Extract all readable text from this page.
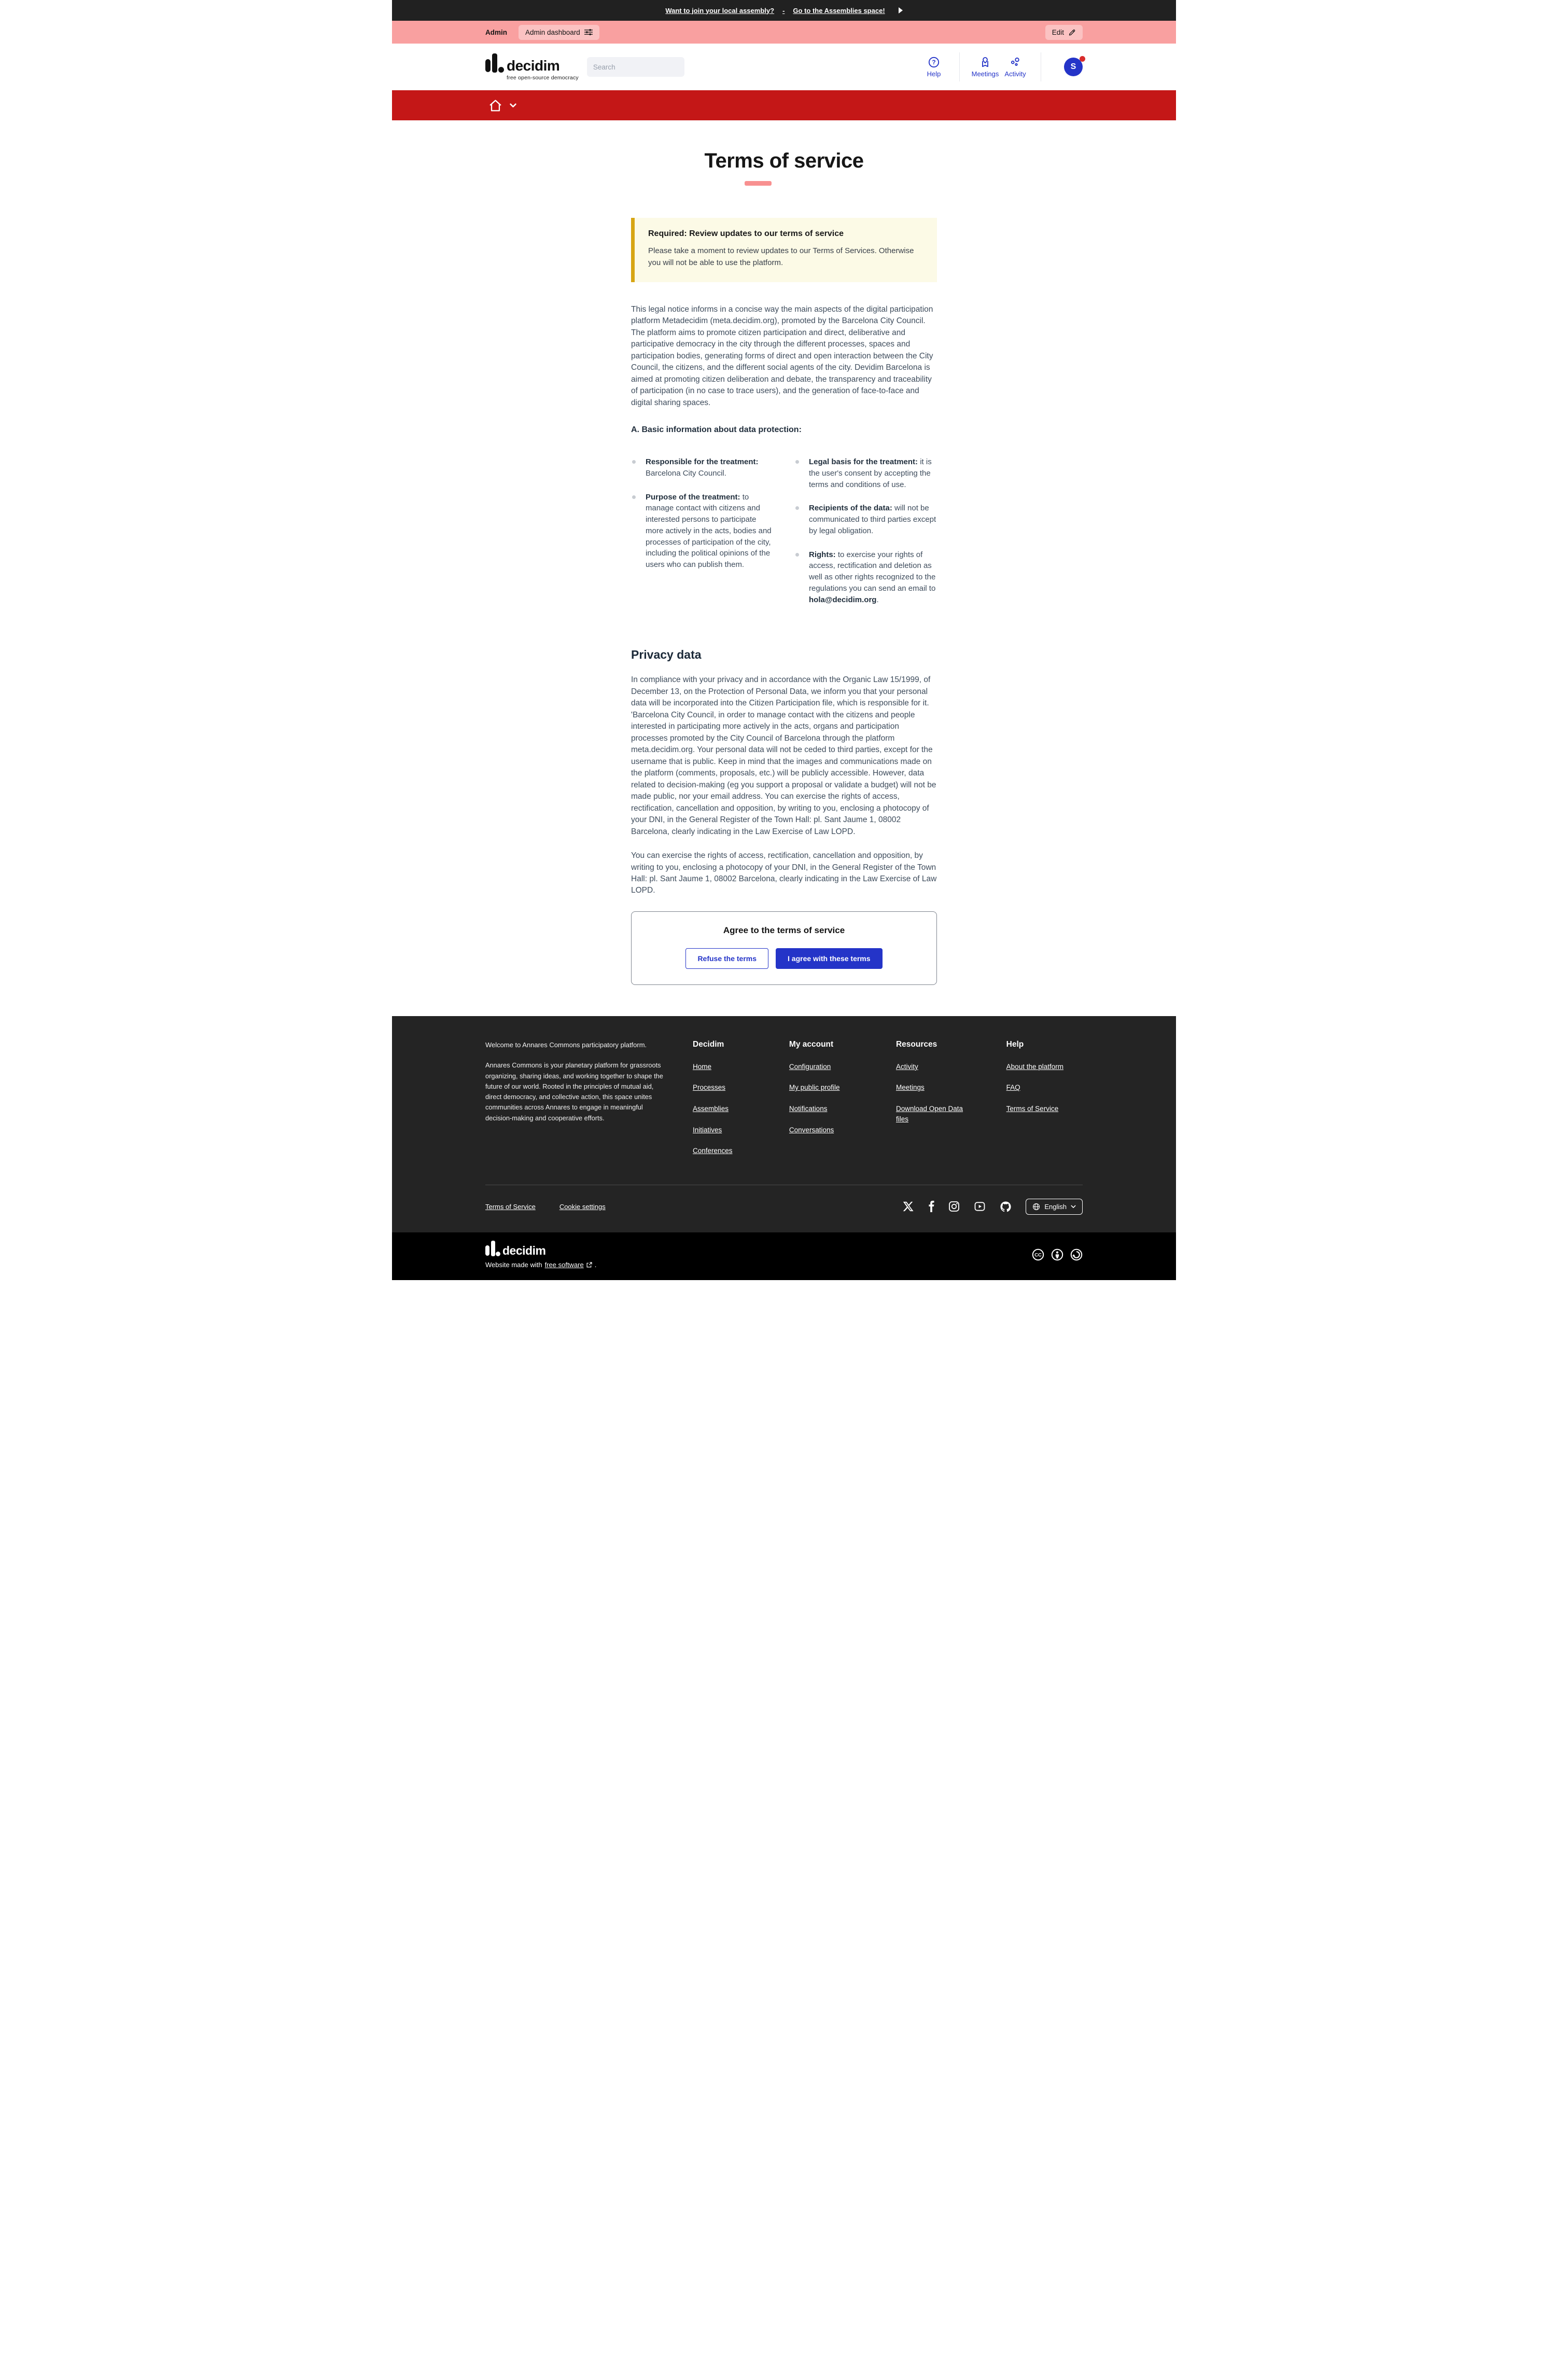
Want to join your local assembly? - Go to the Assemblies space!
Admin	Admin dashboard	Edit
decidim
free open-source democracy
Search
?
Help	Meetings Activity
S
Terms of service
Required: Review updates to our terms of service
Please take a moment to review updates to our Terms of Services. Otherwise you will not be able to use the platform.

This legal notice informs in a concise way the main aspects of the digital participation platform Metadecidim (meta.decidim.org), promoted by the Barcelona City Council. The platform aims to promote citizen participation and direct, deliberative and participative democracy in the city through the different processes, spaces and participation bodies, generating forms of direct and open interaction between the City Council, the citizens, and the different social agents of the city. Devidim Barcelona is aimed at promoting citizen deliberation and debate, the transparency and traceability of participation (in no case to trace users), and the generation of face-to-face and digital sharing spaces.

A. Basic information about data protection:
Responsible for the treatment: Barcelona City Council.
Purpose of the treatment: to manage contact with citizens and interested persons to participate more actively in the acts, bodies and processes of participation of the city, including the political opinions of the users who can publish them.
Legal basis for the treatment: it is the user's consent by accepting the terms and conditions of use.
Recipients of the data: will not be communicated to third parties except by legal obligation.
Rights: to exercise your rights of access, rectification and deletion as well as other rights recognized to the regulations you can send an email to hola@decidim.org.
Privacy data

In compliance with your privacy and in accordance with the Organic Law 15/1999, of December 13, on the Protection of Personal Data, we inform you that your personal data will be incorporated into the Citizen Participation file, which is responsible for it. 'Barcelona City Council, in order to manage contact with the citizens and people interested in participating more actively in the acts, organs and participation processes promoted by the City Council of Barcelona through the platform meta.decidim.org. Your personal data will not be ceded to third parties, except for the username that is public. Keep in mind that the images and communications made on the platform (comments, proposals, etc.) will be publicly accessible. However, data related to decision-making (eg you support a proposal or validate a budget) will not be made public, nor your email address. You can exercise the rights of access, rectification, cancellation and opposition, by writing to you, enclosing a photocopy of your DNI, in the General Register of the Town Hall: pl. Sant Jaume 1, 08002 Barcelona, clearly indicating in the Law Exercise of Law LOPD.

You can exercise the rights of access, rectification, cancellation and opposition, by writing to you, enclosing a photocopy of your DNI, in the General Register of the Town Hall: pl. Sant Jaume 1, 08002 Barcelona, clearly indicating in the Law Exercise of Law LOPD.

Agree to the terms of service
Refuse the terms	I agree with these terms
Welcome to Annares Commons participatory platform.
Annares Commons is your planetary platform for grassroots organizing, sharing ideas, and working together to shape the future of our world. Rooted in the principles of mutual aid, direct democracy, and collective action, this space unites communities across Annares to engage in meaningful decision-making and cooperative efforts.
Decidim
Home
Processes
Assemblies
Initiatives
Conferences
My account
Configuration
My public profile
Notifications
Conversations
Resources
Activity
Meetings
Download Open Data files
Help
About the platform
FAQ
Terms of Service
Terms of Service	Cookie settings	English
decidim
Website made with free software .
CC
